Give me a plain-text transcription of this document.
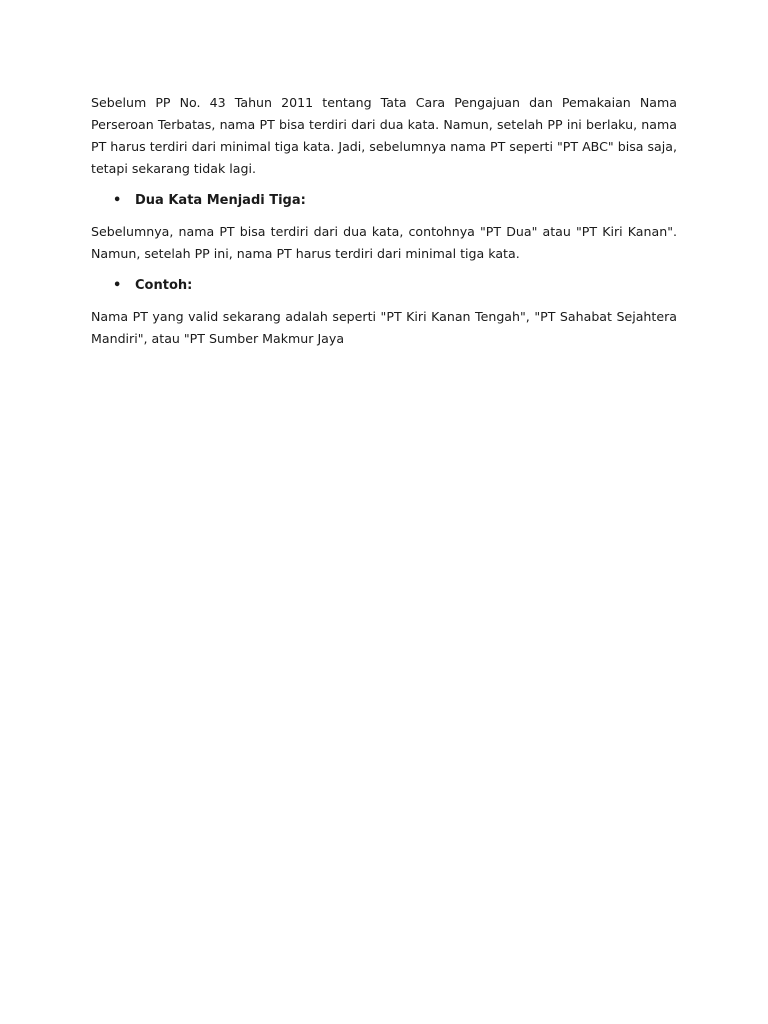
Sebelum PP No. 43 Tahun 2011 tentang Tata Cara Pengajuan dan Pemakaian Nama Perseroan Terbatas, nama PT bisa terdiri dari dua kata. Namun, setelah PP ini berlaku, nama PT harus terdiri dari minimal tiga kata. Jadi, sebelumnya nama PT seperti "PT ABC" bisa saja, tetapi sekarang tidak lagi.

•	Dua Kata Menjadi Tiga:

Sebelumnya, nama PT bisa terdiri dari dua kata, contohnya "PT Dua" atau "PT Kiri Kanan". Namun, setelah PP ini, nama PT harus terdiri dari minimal tiga kata.

•	Contoh:

Nama PT yang valid sekarang adalah seperti "PT Kiri Kanan Tengah", "PT Sahabat Sejahtera Mandiri", atau "PT Sumber Makmur Jaya
